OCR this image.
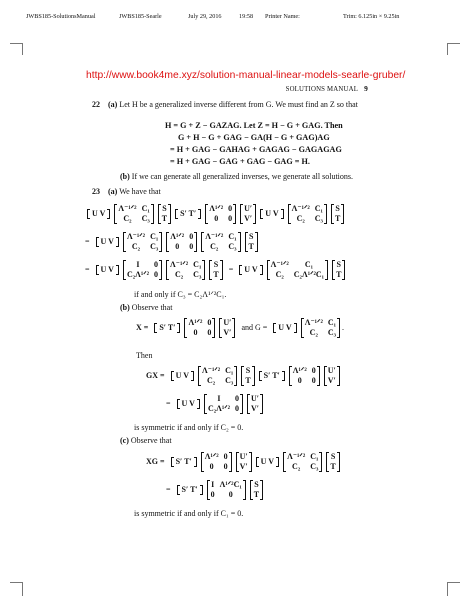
JWBS185-SolutionsManual	JWBS185-Searle	July 29, 2016	19:58 Printer Name:	Trim: 6.125in × 9.25in
http://www.book4me.xyz/solution-manual-linear-models-searle-gruber/
SOLUTIONS MANUAL 9
22 (a) Let H be a generalized inverse different from G. We must find an Z so that
H = G + Z − GAZAG. Let Z = H − G + GAG. Then
G + H − G + GAG − GA(H − G + GAG)AG
= H + GAG − GAHAG + GAGAG − GAGAGAG
= H + GAG − GAG + GAG − GAG = H.
(b) If we can generate all generalized inverses, we generate all solutions.
23 (a) We have that
U V
Λ⁻¹ᐟ² C₁
C₂	C₃
S
T
S′ T′
Λ¹ᐟ² 0
0	0
U′
V′
U V
Λ⁻¹ᐟ² C₁
C₂	C₃
S
T
=	U V
Λ⁻¹ᐟ² C₁
C₂	C₃
Λ¹ᐟ² 0
0	0
Λ⁻¹ᐟ² C₁
C₂	C₃
S
T
=	U V
I	0
C₂Λ¹ᐟ² 0
Λ⁻¹ᐟ² C₁
C₂	C₃
S
T
=	U V
Λ⁻¹ᐟ²	C₁
C₂	C₂Λ¹ᐟ²C₁
S
T
if and only if C₃ = C₂Λ¹ᐟ²C₁.
(b) Observe that
X =	S′ T′
Λ¹ᐟ² 0
0	0
U′
V′
and G =	U V
Λ⁻¹ᐟ² C₁
C₂	C₃
.
Then
GX =	U V
Λ⁻¹ᐟ² C₁
C₂	C₃
S
T
S′ T′
Λ¹ᐟ² 0
0	0
U′
V′
=	U V
I	0
C₂Λ¹ᐟ² 0
U′
V′
is symmetric if and only if C₂ = 0.
(c) Observe that
XG =	S′ T′
Λ¹ᐟ² 0
0	0
U′
V′
U V
Λ⁻¹ᐟ² C₁
C₂	C₃
S
T
=	S′ T′
I Λ¹ᐟ²C₁
0	0
S
T
is symmetric if and only if C₁ = 0.
